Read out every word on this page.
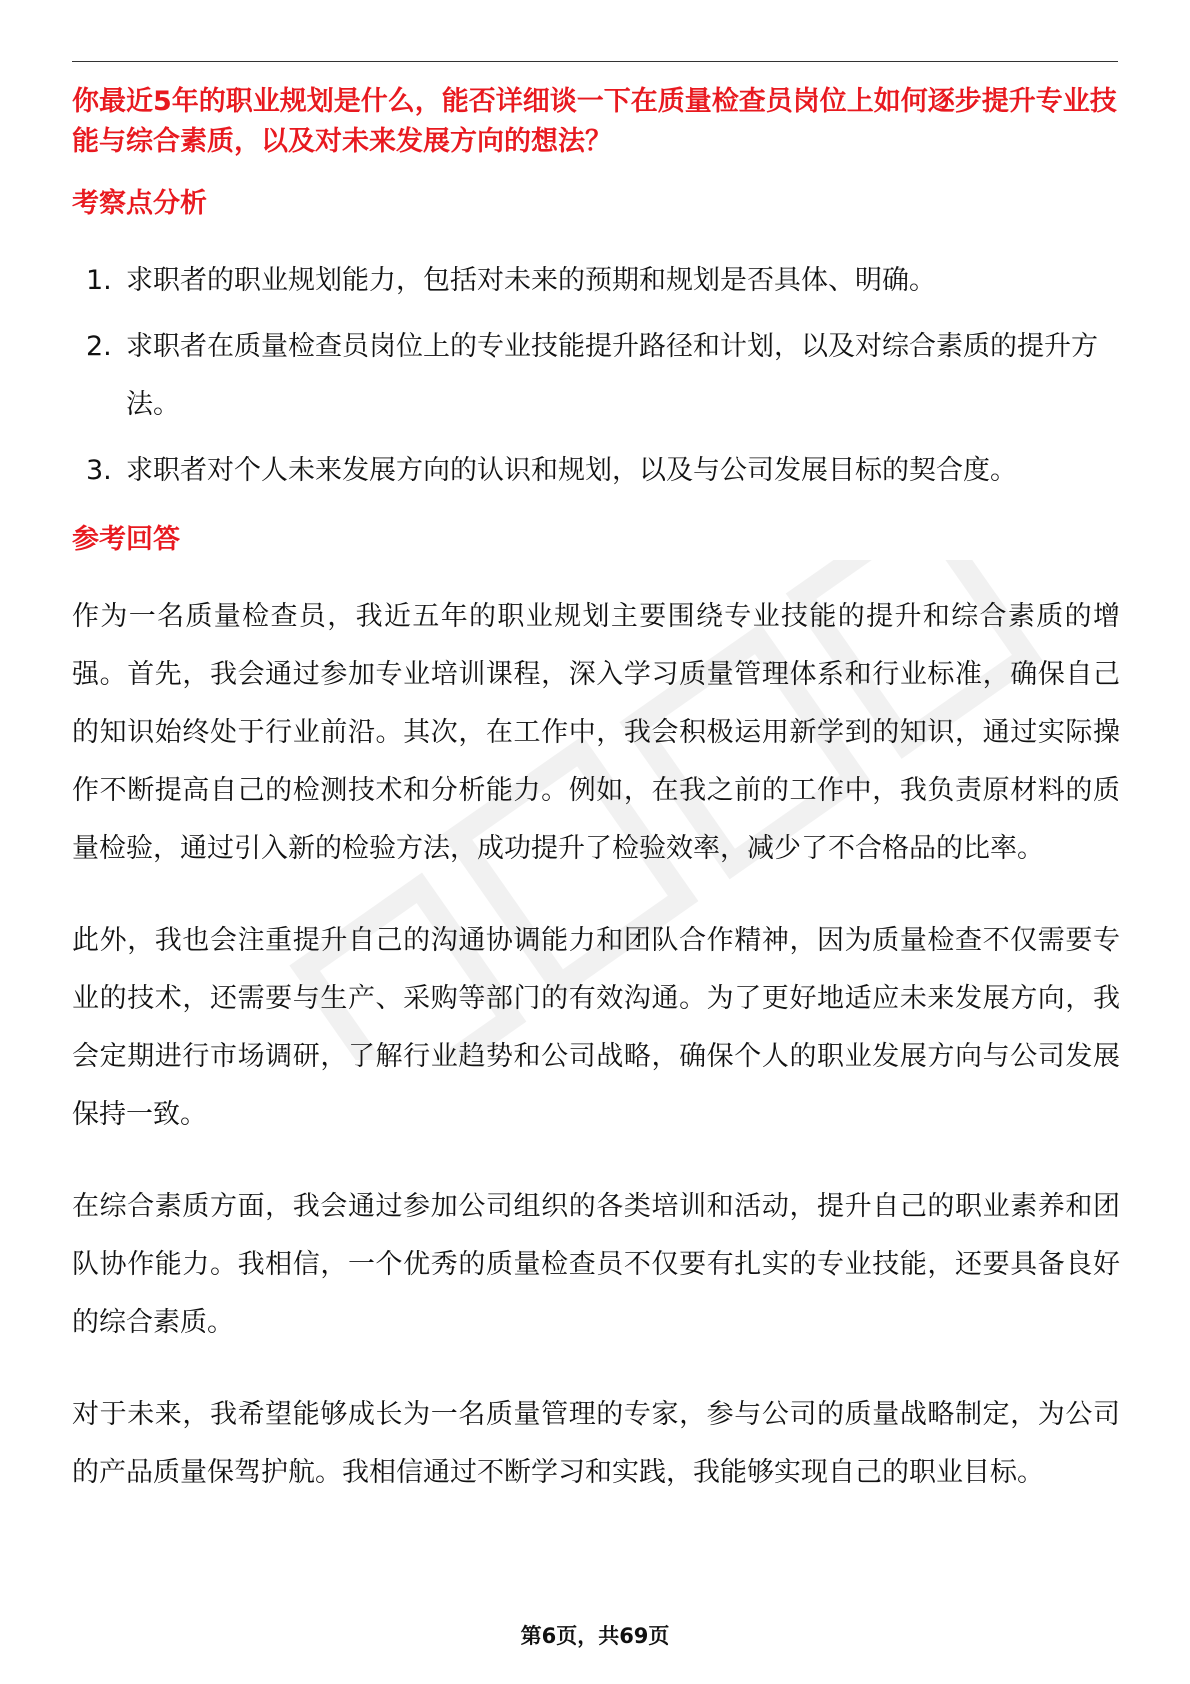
你最近5年的职业规划是什么，能否详细谈一下在质量检查员岗位上如何逐步提升专业技能与综合素质，以及对未来发展方向的想法？

考察点分析

1. 求职者的职业规划能力，包括对未来的预期和规划是否具体、明确。
2. 求职者在质量检查员岗位上的专业技能提升路径和计划，以及对综合素质的提升方法。
3. 求职者对个人未来发展方向的认识和规划，以及与公司发展目标的契合度。

参考回答

作为一名质量检查员，我近五年的职业规划主要围绕专业技能的提升和综合素质的增强。首先，我会通过参加专业培训课程，深入学习质量管理体系和行业标准，确保自己的知识始终处于行业前沿。其次，在工作中，我会积极运用新学到的知识，通过实际操作不断提高自己的检测技术和分析能力。例如，在我之前的工作中，我负责原材料的质量检验，通过引入新的检验方法，成功提升了检验效率，减少了不合格品的比率。

此外，我也会注重提升自己的沟通协调能力和团队合作精神，因为质量检查不仅需要专业的技术，还需要与生产、采购等部门的有效沟通。为了更好地适应未来发展方向，我会定期进行市场调研，了解行业趋势和公司战略，确保个人的职业发展方向与公司发展保持一致。

在综合素质方面，我会通过参加公司组织的各类培训和活动，提升自己的职业素养和团队协作能力。我相信，一个优秀的质量检查员不仅要有扎实的专业技能，还要具备良好的综合素质。

对于未来，我希望能够成长为一名质量管理的专家，参与公司的质量战略制定，为公司的产品质量保驾护航。我相信通过不断学习和实践，我能够实现自己的职业目标。

第6页，共69页
